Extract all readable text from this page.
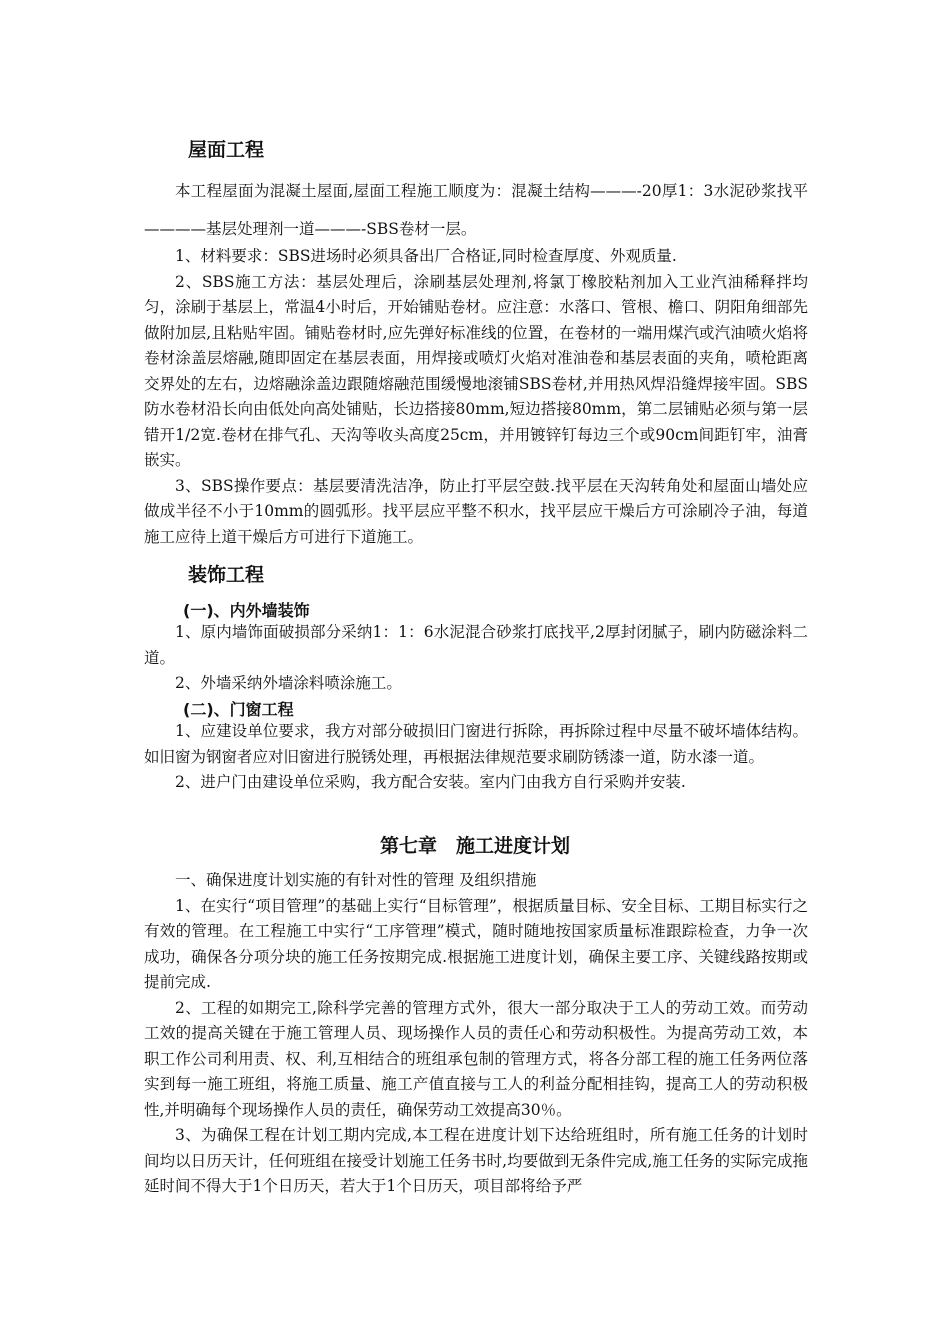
屋面工程

本工程屋面为混凝土屋面,屋面工程施工顺度为：混凝土结构———-20厚1：3水泥砂浆找平————基层处理剂一道———-SBS卷材一层。

1、材料要求：SBS进场时必须具备出厂合格证,同时检查厚度、外观质量.

2、SBS施工方法：基层处理后，涂刷基层处理剂,将氯丁橡胶粘剂加入工业汽油稀释拌均匀，涂刷于基层上，常温4小时后，开始铺贴卷材。应注意：水落口、管根、檐口、阴阳角细部先做附加层,且粘贴牢固。铺贴卷材时,应先弹好标准线的位置，在卷材的一端用煤汽或汽油喷火焰将卷材涂盖层熔融,随即固定在基层表面，用焊接或喷灯火焰对准油卷和基层表面的夹角，喷枪距离交界处的左右，边熔融涂盖边跟随熔融范围缓慢地滚铺SBS卷材,并用热风焊沿缝焊接牢固。SBS防水卷材沿长向由低处向高处铺贴，长边搭接80mm,短边搭接80mm，第二层铺贴必须与第一层错开1/2宽.卷材在排气孔、天沟等收头高度25cm，并用镀锌钉每边三个或90cm间距钉牢，油膏嵌实。

3、SBS操作要点：基层要清洗洁净，防止打平层空鼓.找平层在天沟转角处和屋面山墙处应做成半径不小于10mm的圆弧形。找平层应平整不积水，找平层应干燥后方可涂刷冷子油，每道施工应待上道干燥后方可进行下道施工。

装饰工程
(一)、内外墙装饰

1、原内墙饰面破损部分采纳1：1：6水泥混合砂浆打底找平,2厚封闭腻子，刷内防磁涂料二道。

2、外墙采纳外墙涂料喷涂施工。

(二)、门窗工程

1、应建设单位要求，我方对部分破损旧门窗进行拆除，再拆除过程中尽量不破坏墙体结构。如旧窗为钢窗者应对旧窗进行脱锈处理，再根据法律规范要求刷防锈漆一道，防水漆一道。

2、进户门由建设单位采购，我方配合安装。室内门由我方自行采购并安装.

第七章　施工进度计划

一、确保进度计划实施的有针对性的管理 及组织措施

1、在实行“项目管理”的基础上实行“目标管理”，根据质量目标、安全目标、工期目标实行之有效的管理。在工程施工中实行“工序管理”模式，随时随地按国家质量标准跟踪检查，力争一次成功，确保各分项分块的施工任务按期完成.根据施工进度计划，确保主要工序、关键线路按期或提前完成.

2、工程的如期完工,除科学完善的管理方式外，很大一部分取决于工人的劳动工效。而劳动工效的提高关键在于施工管理人员、现场操作人员的责任心和劳动积极性。为提高劳动工效，本职工作公司利用责、权、利,互相结合的班组承包制的管理方式，将各分部工程的施工任务两位落实到每一施工班组，将施工质量、施工产值直接与工人的利益分配相挂钩，提高工人的劳动积极性,并明确每个现场操作人员的责任，确保劳动工效提高30％。

3、为确保工程在计划工期内完成,本工程在进度计划下达给班组时，所有施工任务的计划时间均以日历天计，任何班组在接受计划施工任务书时,均要做到无条件完成,施工任务的实际完成拖延时间不得大于1个日历天，若大于1个日历天，项目部将给予严
